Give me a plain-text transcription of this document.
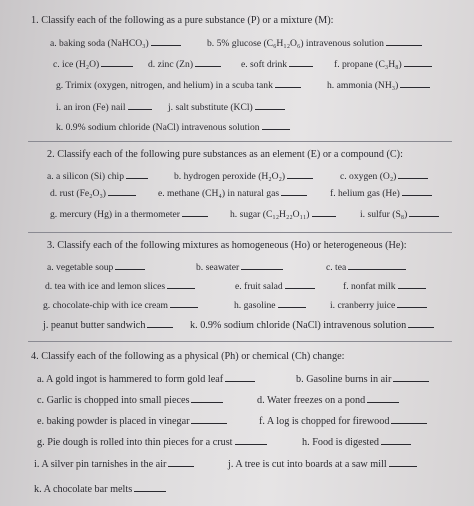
1. Classify each of the following as a pure substance (P) or a mixture (M):
a. baking soda (NaHCO₃)	b. 5% glucose (C₆H₁₂O₆) intravenous solution
c. ice (H₂O)	d. zinc (Zn)	e. soft drink	f. propane (C₃H₈)
g. Trimix (oxygen, nitrogen, and helium) in a scuba tank	h. ammonia (NH₃)
i. an iron (Fe) nail	j. salt substitute (KCl)
k. 0.9% sodium chloride (NaCl) intravenous solution
2. Classify each of the following pure substances as an element (E) or a compound (C):
a. a silicon (Si) chip	b. hydrogen peroxide (H₂O₂)	c. oxygen (O₂)
d. rust (Fe₂O₃)	e. methane (CH₄) in natural gas	f. helium gas (He)
g. mercury (Hg) in a thermometer	h. sugar (C₁₂H₂₂O₁₁)	i. sulfur (S₈)
3. Classify each of the following mixtures as homogeneous (Ho) or heterogeneous (He):
a. vegetable soup	b. seawater	c. tea
d. tea with ice and lemon slices	e. fruit salad	f. nonfat milk
g. chocolate-chip with ice cream	h. gasoline	i. cranberry juice
j. peanut butter sandwich	k. 0.9% sodium chloride (NaCl) intravenous solution
4. Classify each of the following as a physical (Ph) or chemical (Ch) change:
a. A gold ingot is hammered to form gold leaf	b. Gasoline burns in air
c. Garlic is chopped into small pieces	d. Water freezes on a pond
e. baking powder is placed in vinegar	f. A log is chopped for firewood
g. Pie dough is rolled into thin pieces for a crust	h. Food is digested
i. A silver pin tarnishes in the air	j. A tree is cut into boards at a saw mill
k. A chocolate bar melts
